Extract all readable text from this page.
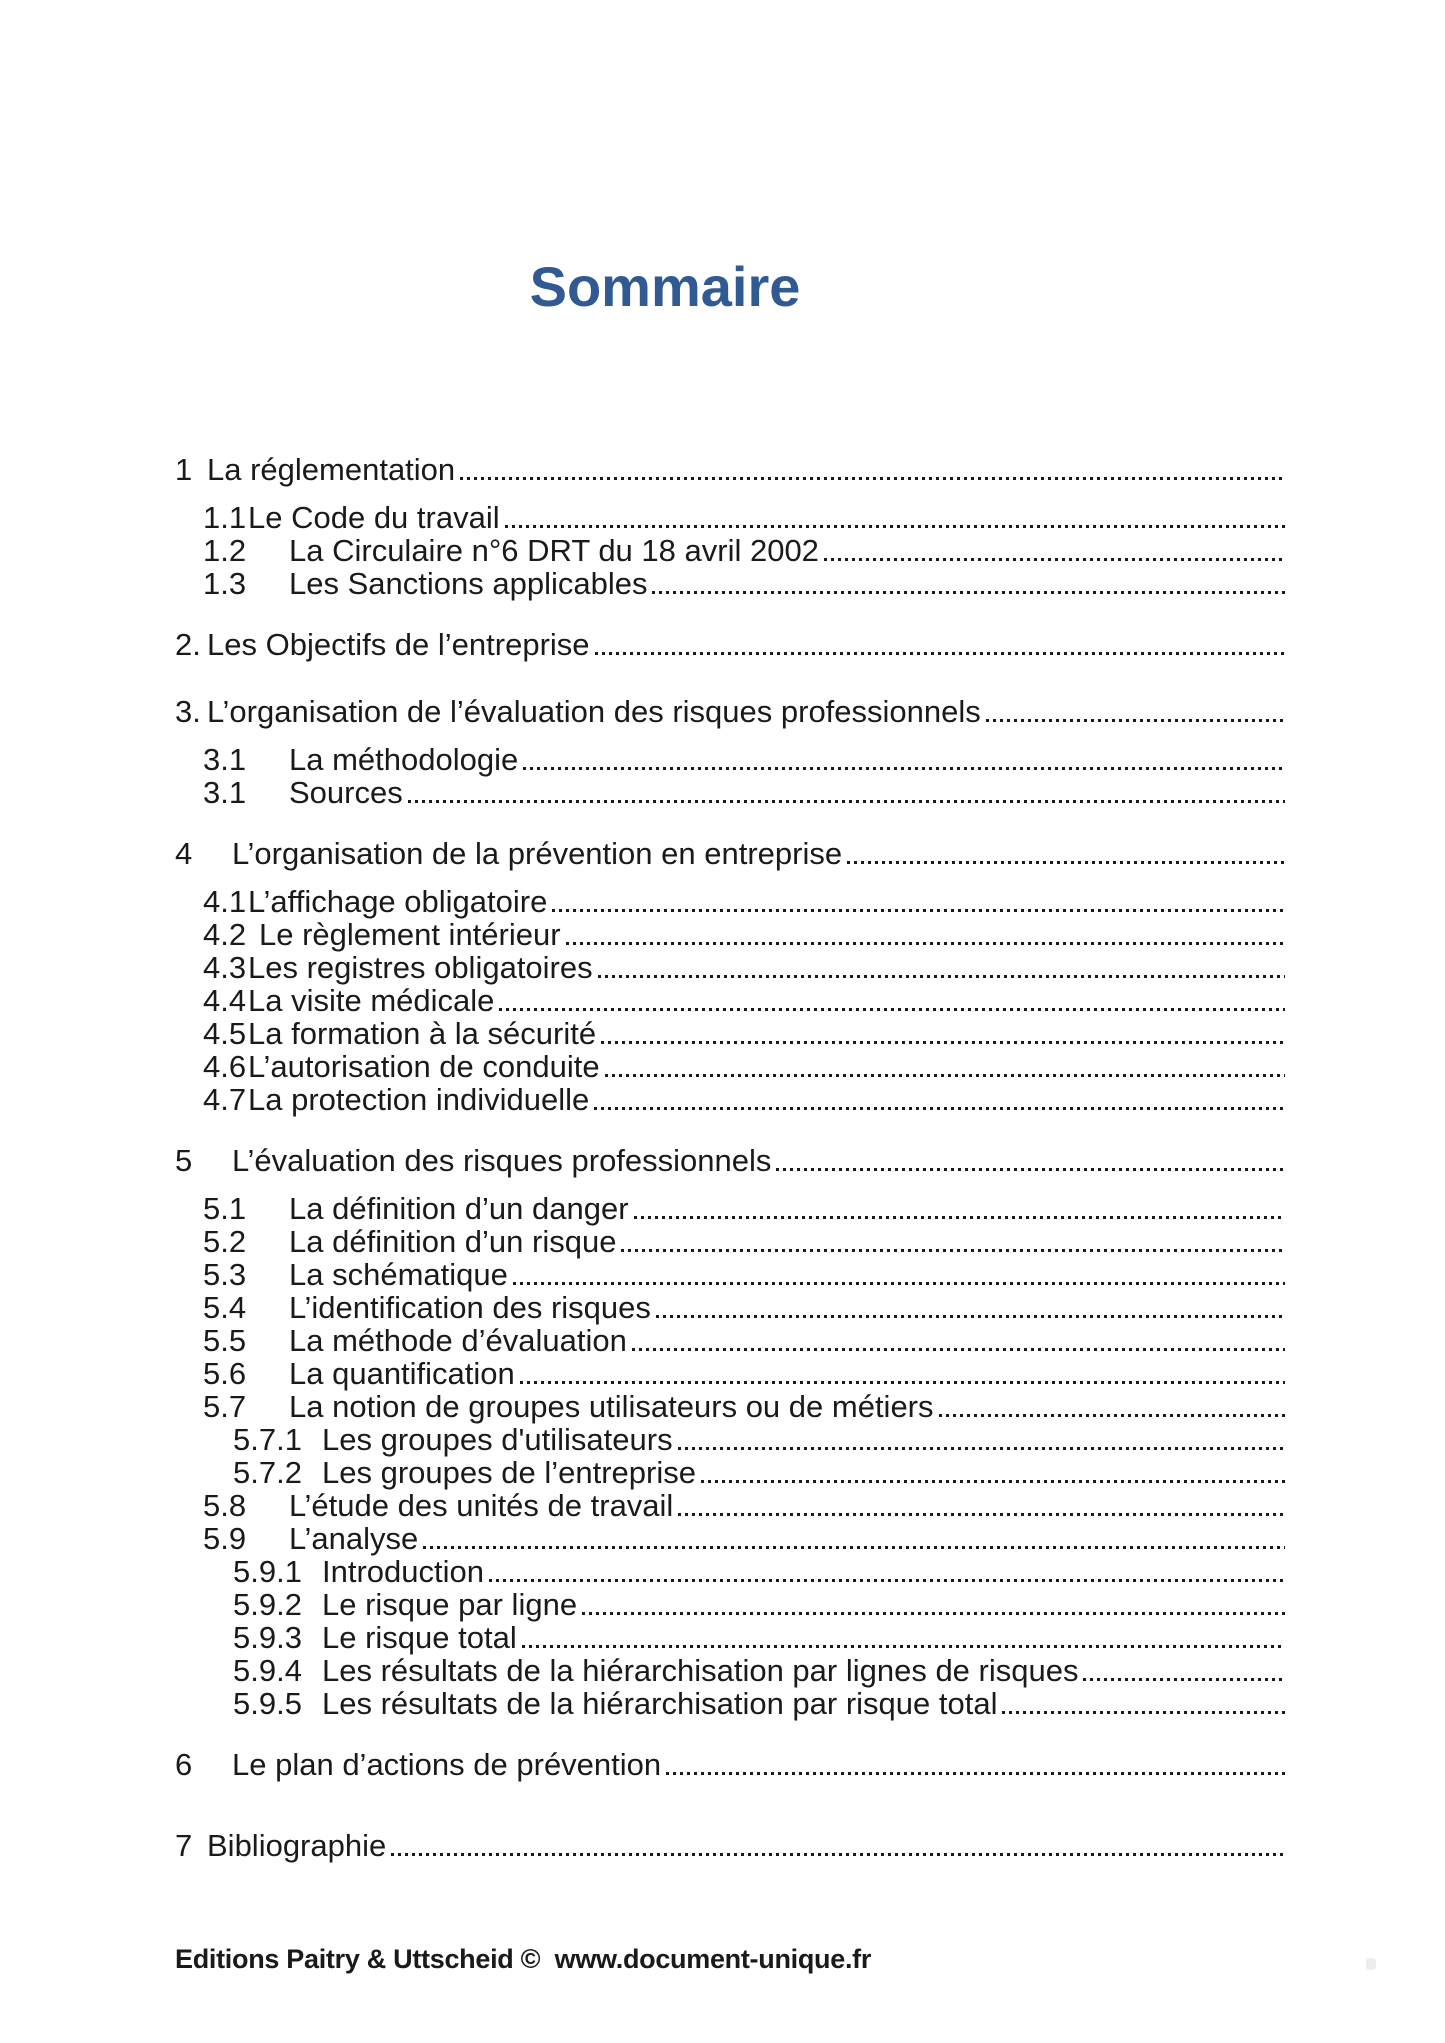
Sommaire
1 La réglementation
1.1 Le Code du travail
1.2	La Circulaire n°6 DRT du 18 avril 2002
1.3	Les Sanctions applicables
2. Les Objectifs de l’entreprise
3. L’organisation de l’évaluation des risques professionnels
3.1	La méthodologie
3.1	Sources
4	L’organisation de la prévention en entreprise
4.1 L’affichage obligatoire
4.2 Le règlement intérieur
4.3 Les registres obligatoires
4.4 La visite médicale
4.5 La formation à la sécurité
4.6 L’autorisation de conduite
4.7 La protection individuelle
5	L’évaluation des risques professionnels
5.1	La définition d’un danger
5.2	La définition d’un risque
5.3	La schématique
5.4	L’identification des risques
5.5	La méthode d’évaluation
5.6	La quantification
5.7	La notion de groupes utilisateurs ou de métiers
5.7.1 Les groupes d'utilisateurs
5.7.2 Les groupes de l’entreprise
5.8	L’étude des unités de travail
5.9	L’analyse
5.9.1 Introduction
5.9.2 Le risque par ligne
5.9.3 Le risque total
5.9.4 Les résultats de la hiérarchisation par lignes de risques
5.9.5 Les résultats de la hiérarchisation par risque total
6	Le plan d’actions de prévention
7 Bibliographie
Editions Paitry & Uttscheid ©  www.document-unique.fr
